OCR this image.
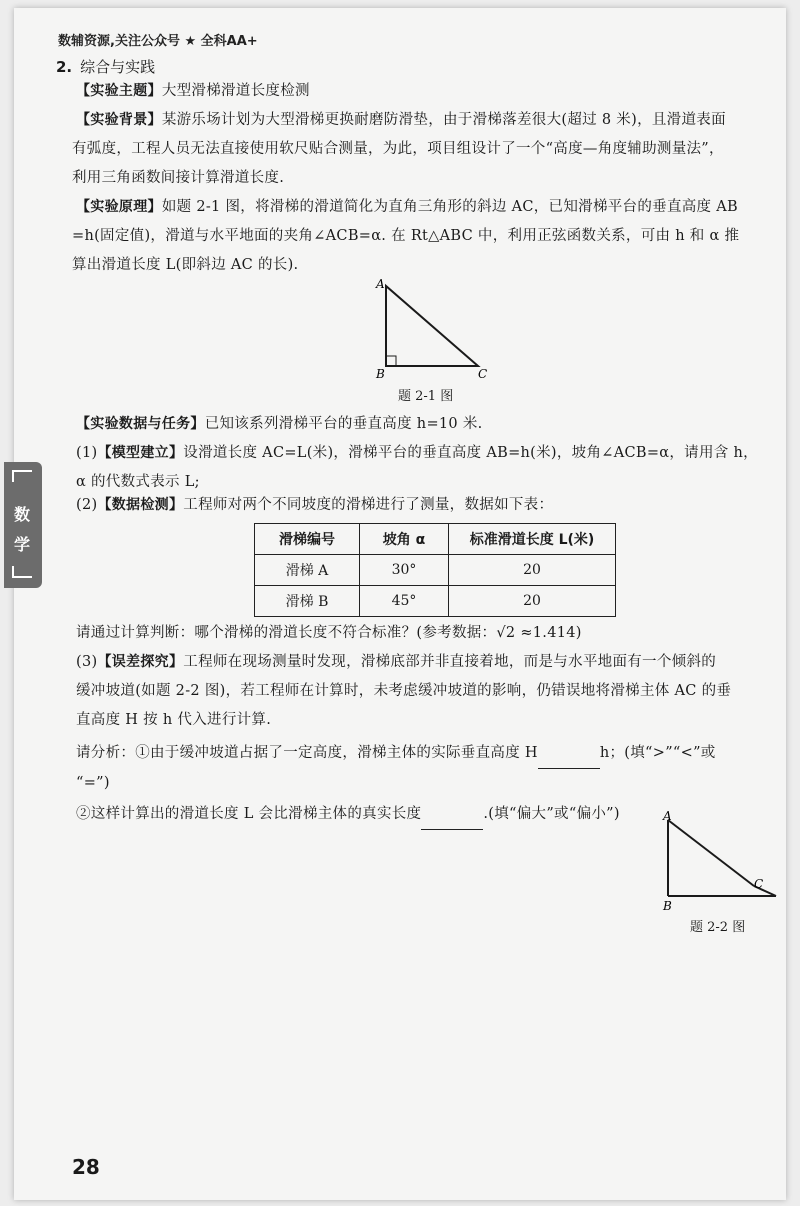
数辅资源,关注公众号 ★ 全科AA+
2. 综合与实践
【实验主题】大型滑梯滑道长度检测
【实验背景】某游乐场计划为大型滑梯更换耐磨防滑垫，由于滑梯落差很大(超过 8 米)，且滑道表面
有弧度，工程人员无法直接使用软尺贴合测量，为此，项目组设计了一个“高度—角度辅助测量法”，
利用三角函数间接计算滑道长度.
【实验原理】如题 2-1 图，将滑梯的滑道简化为直角三角形的斜边 AC，已知滑梯平台的垂直高度 AB
=h(固定值)，滑道与水平地面的夹角∠ACB=α. 在 Rt△ABC 中，利用正弦函数关系，可由 h 和 α 推
算出滑道长度 L(即斜边 AC 的长).
A
B	C
题 2-1 图
【实验数据与任务】已知该系列滑梯平台的垂直高度 h=10 米.
(1)【模型建立】设滑道长度 AC=L(米)，滑梯平台的垂直高度 AB=h(米)，坡角∠ACB=α，请用含 h，
α 的代数式表示 L;
(2)【数据检测】工程师对两个不同坡度的滑梯进行了测量，数据如下表：
滑梯编号	坡角 α	标准滑道长度 L(米)
滑梯 A	30°	20
滑梯 B	45°	20
请通过计算判断：哪个滑梯的滑道长度不符合标准？(参考数据：√2 ≈1.414)
(3)【误差探究】工程师在现场测量时发现，滑梯底部并非直接着地，而是与水平地面有一个倾斜的
缓冲坡道(如题 2-2 图)，若工程师在计算时，未考虑缓冲坡道的影响，仍错误地将滑梯主体 AC 的垂
直高度 H 按 h 代入进行计算.
请分析：①由于缓冲坡道占据了一定高度，滑梯主体的实际垂直高度 H	h；(填“>”“<”或
“=”)
②这样计算出的滑道长度 L 会比滑梯主体的真实长度	.(填“偏大”或“偏小”)	A
B
C
题 2-2 图
数
学
28
